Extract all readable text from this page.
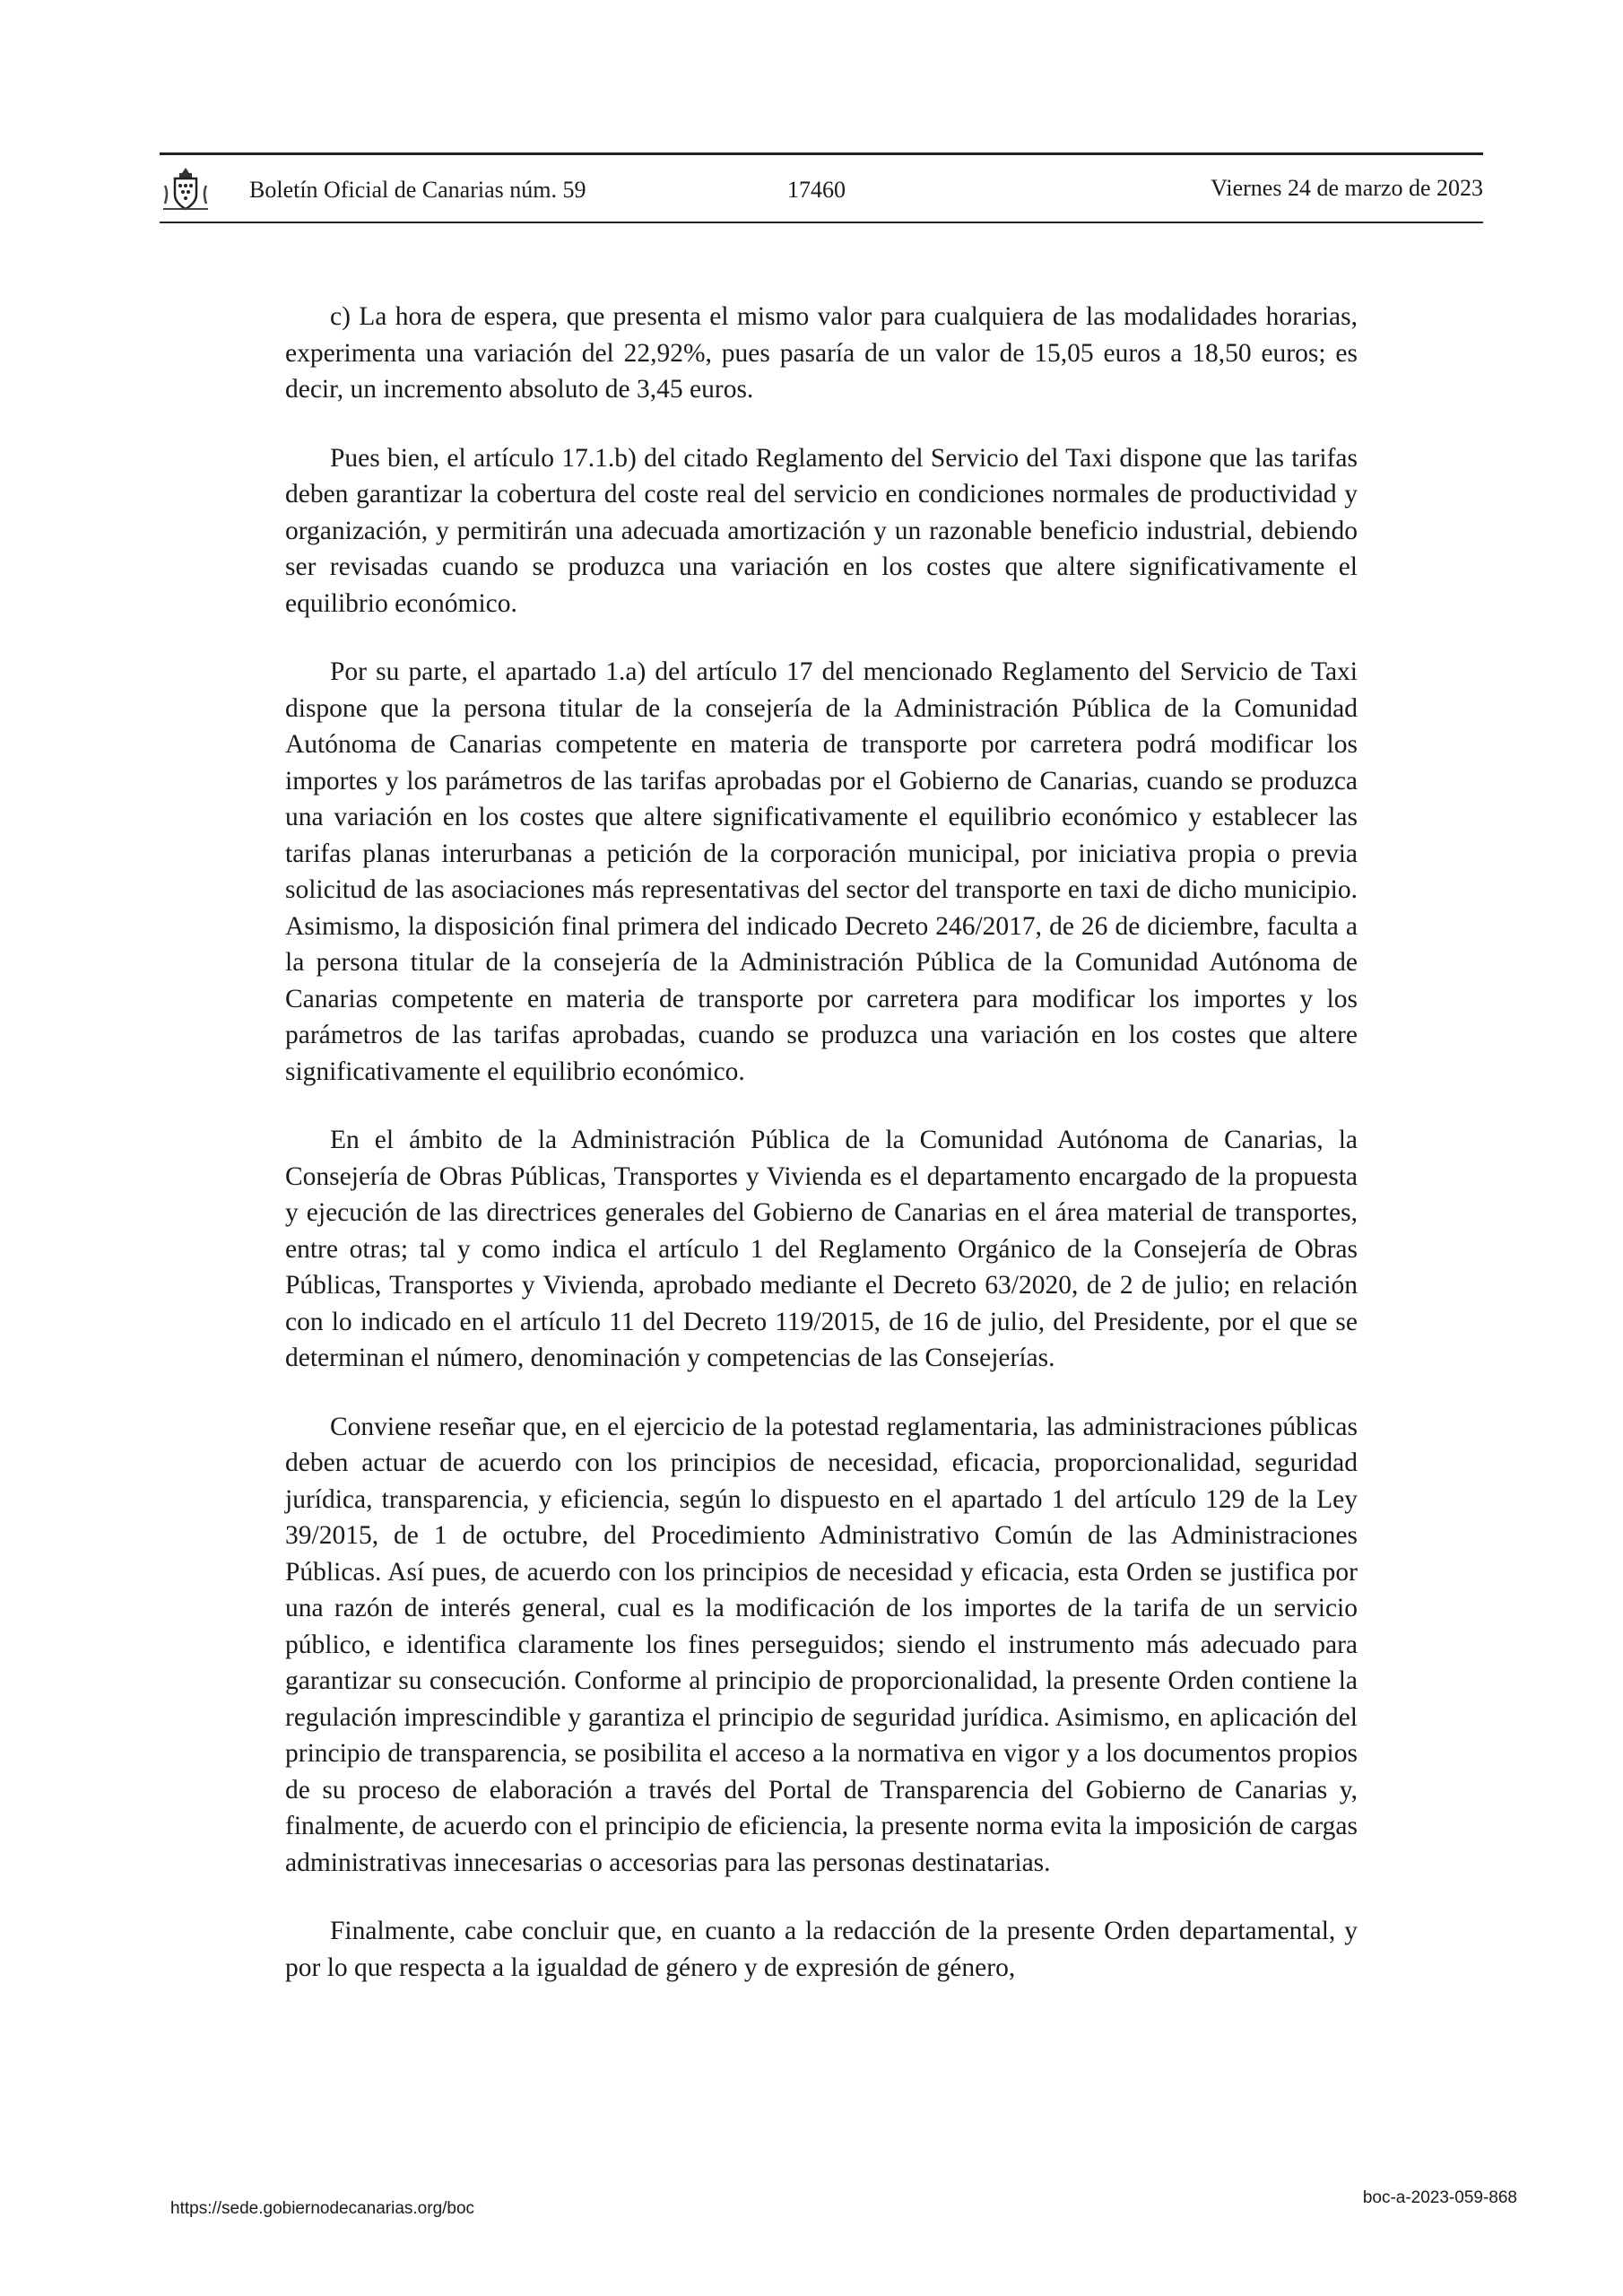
Boletín Oficial de Canarias núm. 59	17460	Viernes 24 de marzo de 2023

c) La hora de espera, que presenta el mismo valor para cualquiera de las modalidades horarias, experimenta una variación del 22,92%, pues pasaría de un valor de 15,05 euros a 18,50 euros; es decir, un incremento absoluto de 3,45 euros.

Pues bien, el artículo 17.1.b) del citado Reglamento del Servicio del Taxi dispone que las tarifas deben garantizar la cobertura del coste real del servicio en condiciones normales de productividad y organización, y permitirán una adecuada amortización y un razonable beneficio industrial, debiendo ser revisadas cuando se produzca una variación en los costes que altere significativamente el equilibrio económico.

Por su parte, el apartado 1.a) del artículo 17 del mencionado Reglamento del Servicio de Taxi dispone que la persona titular de la consejería de la Administración Pública de la Comunidad Autónoma de Canarias competente en materia de transporte por carretera podrá modificar los importes y los parámetros de las tarifas aprobadas por el Gobierno de Canarias, cuando se produzca una variación en los costes que altere significativamente el equilibrio económico y establecer las tarifas planas interurbanas a petición de la corporación municipal, por iniciativa propia o previa solicitud de las asociaciones más representativas del sector del transporte en taxi de dicho municipio. Asimismo, la disposición final primera del indicado Decreto 246/2017, de 26 de diciembre, faculta a la persona titular de la consejería de la Administración Pública de la Comunidad Autónoma de Canarias competente en materia de transporte por carretera para modificar los importes y los parámetros de las tarifas aprobadas, cuando se produzca una variación en los costes que altere significativamente el equilibrio económico.

En el ámbito de la Administración Pública de la Comunidad Autónoma de Canarias, la Consejería de Obras Públicas, Transportes y Vivienda es el departamento encargado de la propuesta y ejecución de las directrices generales del Gobierno de Canarias en el área material de transportes, entre otras; tal y como indica el artículo 1 del Reglamento Orgánico de la Consejería de Obras Públicas, Transportes y Vivienda, aprobado mediante el Decreto 63/2020, de 2 de julio; en relación con lo indicado en el artículo 11 del Decreto 119/2015, de 16 de julio, del Presidente, por el que se determinan el número, denominación y competencias de las Consejerías.

Conviene reseñar que, en el ejercicio de la potestad reglamentaria, las administraciones públicas deben actuar de acuerdo con los principios de necesidad, eficacia, proporcionalidad, seguridad jurídica, transparencia, y eficiencia, según lo dispuesto en el apartado 1 del artículo 129 de la Ley 39/2015, de 1 de octubre, del Procedimiento Administrativo Común de las Administraciones Públicas. Así pues, de acuerdo con los principios de necesidad y eficacia, esta Orden se justifica por una razón de interés general, cual es la modificación de los importes de la tarifa de un servicio público, e identifica claramente los fines perseguidos; siendo el instrumento más adecuado para garantizar su consecución. Conforme al principio de proporcionalidad, la presente Orden contiene la regulación imprescindible y garantiza el principio de seguridad jurídica. Asimismo, en aplicación del principio de transparencia, se posibilita el acceso a la normativa en vigor y a los documentos propios de su proceso de elaboración a través del Portal de Transparencia del Gobierno de Canarias y, finalmente, de acuerdo con el principio de eficiencia, la presente norma evita la imposición de cargas administrativas innecesarias o accesorias para las personas destinatarias.

Finalmente, cabe concluir que, en cuanto a la redacción de la presente Orden departamental, y por lo que respecta a la igualdad de género y de expresión de género,

https://sede.gobiernodecanarias.org/boc
boc-a-2023-059-868
